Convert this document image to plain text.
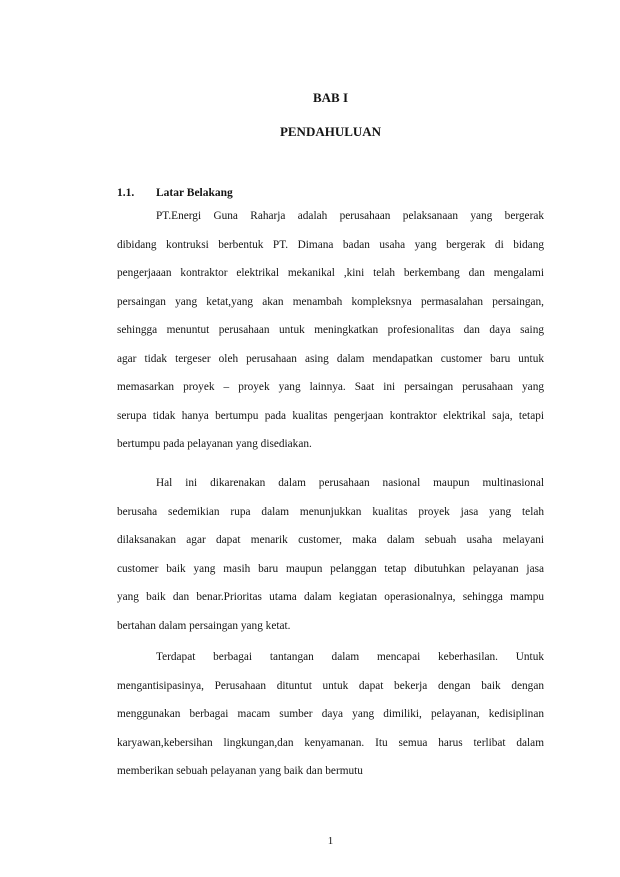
BAB I
PENDAHULUAN
1.1. Latar Belakang
PT.Energi Guna Raharja adalah perusahaan pelaksanaan yang bergerak
dibidang kontruksi berbentuk PT. Dimana badan usaha yang bergerak di bidang
pengerjaaan kontraktor elektrikal mekanikal ,kini telah berkembang dan mengalami
persaingan yang ketat,yang akan menambah kompleksnya permasalahan persaingan,
sehingga menuntut perusahaan untuk meningkatkan profesionalitas dan daya saing
agar tidak tergeser oleh perusahaan asing dalam mendapatkan customer baru untuk
memasarkan proyek – proyek yang lainnya. Saat ini persaingan perusahaan yang
serupa tidak hanya bertumpu pada kualitas pengerjaan kontraktor elektrikal saja, tetapi
bertumpu pada pelayanan yang disediakan.
Hal ini dikarenakan dalam perusahaan nasional maupun multinasional
berusaha sedemikian rupa dalam menunjukkan kualitas proyek jasa yang telah
dilaksanakan agar dapat menarik customer, maka dalam sebuah usaha melayani
customer baik yang masih baru maupun pelanggan tetap dibutuhkan pelayanan jasa
yang baik dan benar.Prioritas utama dalam kegiatan operasionalnya, sehingga mampu
bertahan dalam persaingan yang ketat.
Terdapat berbagai tantangan dalam mencapai keberhasilan. Untuk
mengantisipasinya, Perusahaan dituntut untuk dapat bekerja dengan baik dengan
menggunakan berbagai macam sumber daya yang dimiliki, pelayanan, kedisiplinan
karyawan,kebersihan lingkungan,dan kenyamanan. Itu semua harus terlibat dalam
memberikan sebuah pelayanan yang baik dan bermutu
1
